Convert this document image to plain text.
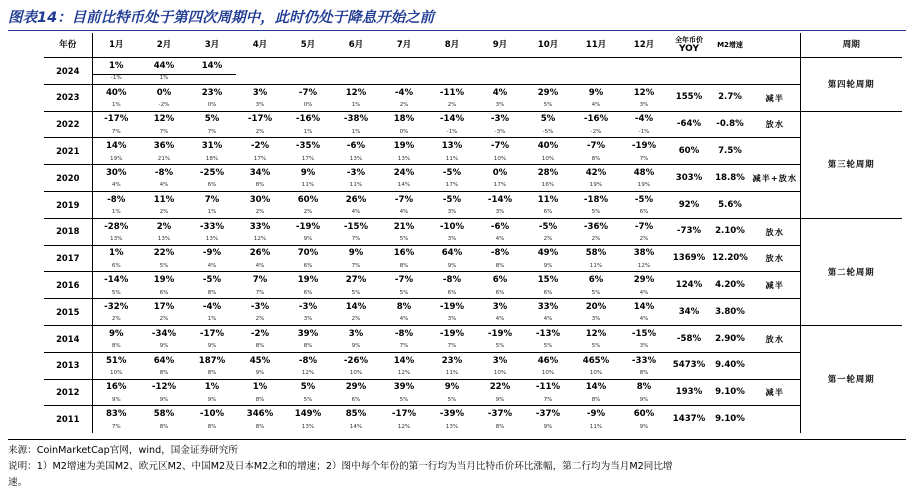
图表14：目前比特币处于第四次周期中，此时仍处于降息开始之前
年份	1月	2月	3月	4月	5月	6月	7月	8月	9月	10月	11月	12月	全年币价
YOY	M2增速		周期
2024	1%	44%	14%													第四轮周期
	-1%	1%														
2023	40%	0%	23%	3%	-7%	12%	-4%	-11%	4%	29%	9%	12%	155%	2.7%	减半	
	1%	-2%	0%	3%	0%	1%	2%	2%	3%	5%	4%	3%				
2022	-17%	12%	5%	-17%	-16%	-38%	18%	-14%	-3%	5%	-16%	-4%	-64%	-0.8%	放水	第三轮周期
	7%	7%	7%	2%	1%	1%	0%	-1%	-3%	-5%	-2%	-1%				
2021	14%	36%	31%	-2%	-35%	-6%	19%	13%	-7%	40%	-7%	-19%	60%	7.5%		
	19%	21%	18%	17%	17%	13%	13%	11%	10%	10%	8%	7%				
2020	30%	-8%	-25%	34%	9%	-3%	24%	-5%	0%	28%	42%	48%	303%	18.8%	减半+放水	
	4%	4%	6%	8%	11%	11%	14%	17%	17%	16%	19%	19%				
2019	-8%	11%	7%	30%	60%	26%	-7%	-5%	-14%	11%	-18%	-5%	92%	5.6%		
	1%	2%	1%	2%	2%	4%	4%	3%	3%	6%	5%	6%				
2018	-28%	2%	-33%	33%	-19%	-15%	21%	-10%	-6%	-5%	-36%	-7%	-73%	2.10%	放水	第二轮周期
	13%	13%	13%	12%	9%	7%	5%	3%	4%	2%	2%	2%				
2017	1%	22%	-9%	26%	70%	9%	16%	64%	-8%	49%	58%	38%	1369%	12.20%	放水	
	6%	5%	4%	4%	6%	7%	8%	9%	8%	9%	11%	12%				
2016	-14%	19%	-5%	7%	19%	27%	-7%	-8%	6%	15%	6%	29%	124%	4.20%	减半	
	5%	6%	8%	7%	6%	5%	5%	6%	6%	6%	5%	4%				
2015	-32%	17%	-4%	-3%	-3%	14%	8%	-19%	3%	33%	20%	14%	34%	3.80%		
	2%	2%	1%	2%	3%	2%	4%	3%	4%	4%	3%	4%				
2014	9%	-34%	-17%	-2%	39%	3%	-8%	-19%	-19%	-13%	12%	-15%	-58%	2.90%	放水	第一轮周期
	8%	9%	9%	8%	8%	9%	7%	7%	5%	5%	5%	3%				
2013	51%	64%	187%	45%	-8%	-26%	14%	23%	3%	46%	465%	-33%	5473%	9.40%		
	10%	8%	8%	9%	12%	10%	12%	11%	10%	10%	10%	8%				
2012	16%	-12%	1%	1%	5%	29%	39%	9%	22%	-11%	14%	8%	193%	9.10%	减半	
	9%	9%	9%	8%	5%	6%	5%	5%	9%	7%	8%	9%				
2011	83%	58%	-10%	346%	149%	85%	-17%	-39%	-37%	-37%	-9%	60%	1437%	9.10%		
	7%	8%	8%	8%	13%	14%	12%	13%	8%	9%	11%	9%				
来源：CoinMarketCap官网，wind，国金证券研究所
说明：1）M2增速为美国M2、欧元区M2、中国M2及日本M2之和的增速；2）图中每个年份的第一行均为当月比特币价环比涨幅，第二行均为当月M2同比增
速。
